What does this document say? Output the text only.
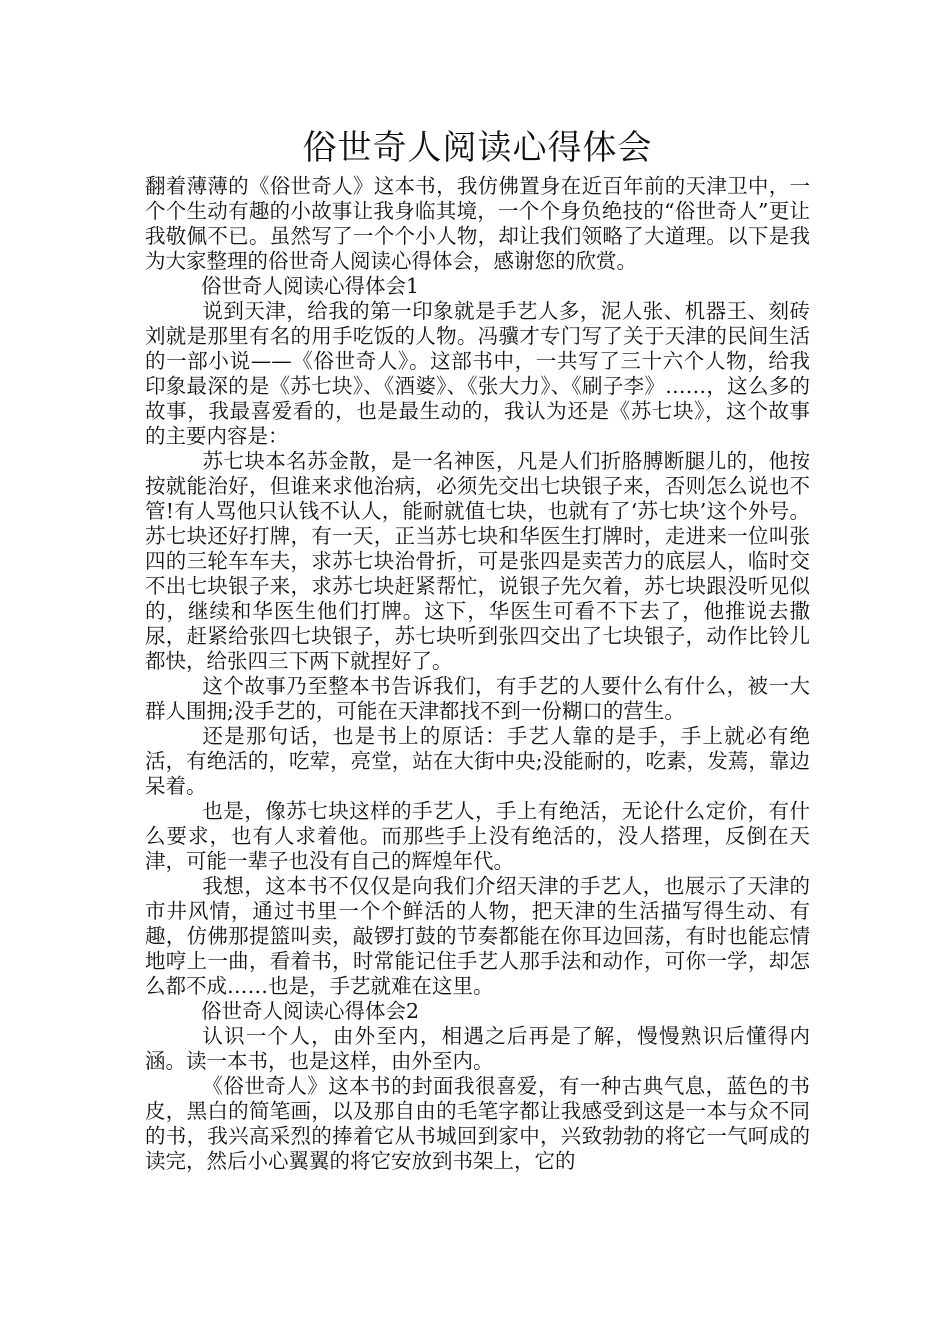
俗世奇人阅读心得体会

翻着薄薄的《俗世奇人》这本书，我仿佛置身在近百年前的天津卫中，一个个生动有趣的小故事让我身临其境，一个个身负绝技的“俗世奇人”更让我敬佩不已。虽然写了一个个小人物，却让我们领略了大道理。以下是我为大家整理的俗世奇人阅读心得体会，感谢您的欣赏。

俗世奇人阅读心得体会1

说到天津，给我的第一印象就是手艺人多，泥人张、机器王、刻砖刘就是那里有名的用手吃饭的人物。冯骥才专门写了关于天津的民间生活的一部小说——《俗世奇人》。这部书中，一共写了三十六个人物，给我印象最深的是《苏七块》、《酒婆》、《张大力》、《刷子李》……，这么多的故事，我最喜爱看的，也是最生动的，我认为还是《苏七块》，这个故事的主要内容是：

苏七块本名苏金散，是一名神医，凡是人们折胳膊断腿儿的，他按按就能治好，但谁来求他治病，必须先交出七块银子来，否则怎么说也不管!有人骂他只认钱不认人，能耐就值七块，也就有了‘苏七块’这个外号。苏七块还好打牌，有一天，正当苏七块和华医生打牌时，走进来一位叫张四的三轮车车夫，求苏七块治骨折，可是张四是卖苦力的底层人，临时交不出七块银子来，求苏七块赶紧帮忙，说银子先欠着，苏七块跟没听见似的，继续和华医生他们打牌。这下，华医生可看不下去了，他推说去撒尿，赶紧给张四七块银子，苏七块听到张四交出了七块银子，动作比铃儿都快，给张四三下两下就捏好了。

这个故事乃至整本书告诉我们，有手艺的人要什么有什么，被一大群人围拥;没手艺的，可能在天津都找不到一份糊口的营生。

还是那句话，也是书上的原话：手艺人靠的是手，手上就必有绝活，有绝活的，吃荤，亮堂，站在大街中央;没能耐的，吃素，发蔫，靠边呆着。

也是，像苏七块这样的手艺人，手上有绝活，无论什么定价，有什么要求，也有人求着他。而那些手上没有绝活的，没人搭理，反倒在天津，可能一辈子也没有自己的辉煌年代。

我想，这本书不仅仅是向我们介绍天津的手艺人，也展示了天津的市井风情，通过书里一个个鲜活的人物，把天津的生活描写得生动、有趣，仿佛那提篮叫卖，敲锣打鼓的节奏都能在你耳边回荡，有时也能忘情地哼上一曲，看着书，时常能记住手艺人那手法和动作，可你一学，却怎么都不成……也是，手艺就难在这里。

俗世奇人阅读心得体会2

认识一个人，由外至内，相遇之后再是了解，慢慢熟识后懂得内涵。读一本书，也是这样，由外至内。

《俗世奇人》这本书的封面我很喜爱，有一种古典气息，蓝色的书皮，黑白的简笔画，以及那自由的毛笔字都让我感受到这是一本与众不同的书，我兴高采烈的捧着它从书城回到家中，兴致勃勃的将它一气呵成的读完，然后小心翼翼的将它安放到书架上，它的
